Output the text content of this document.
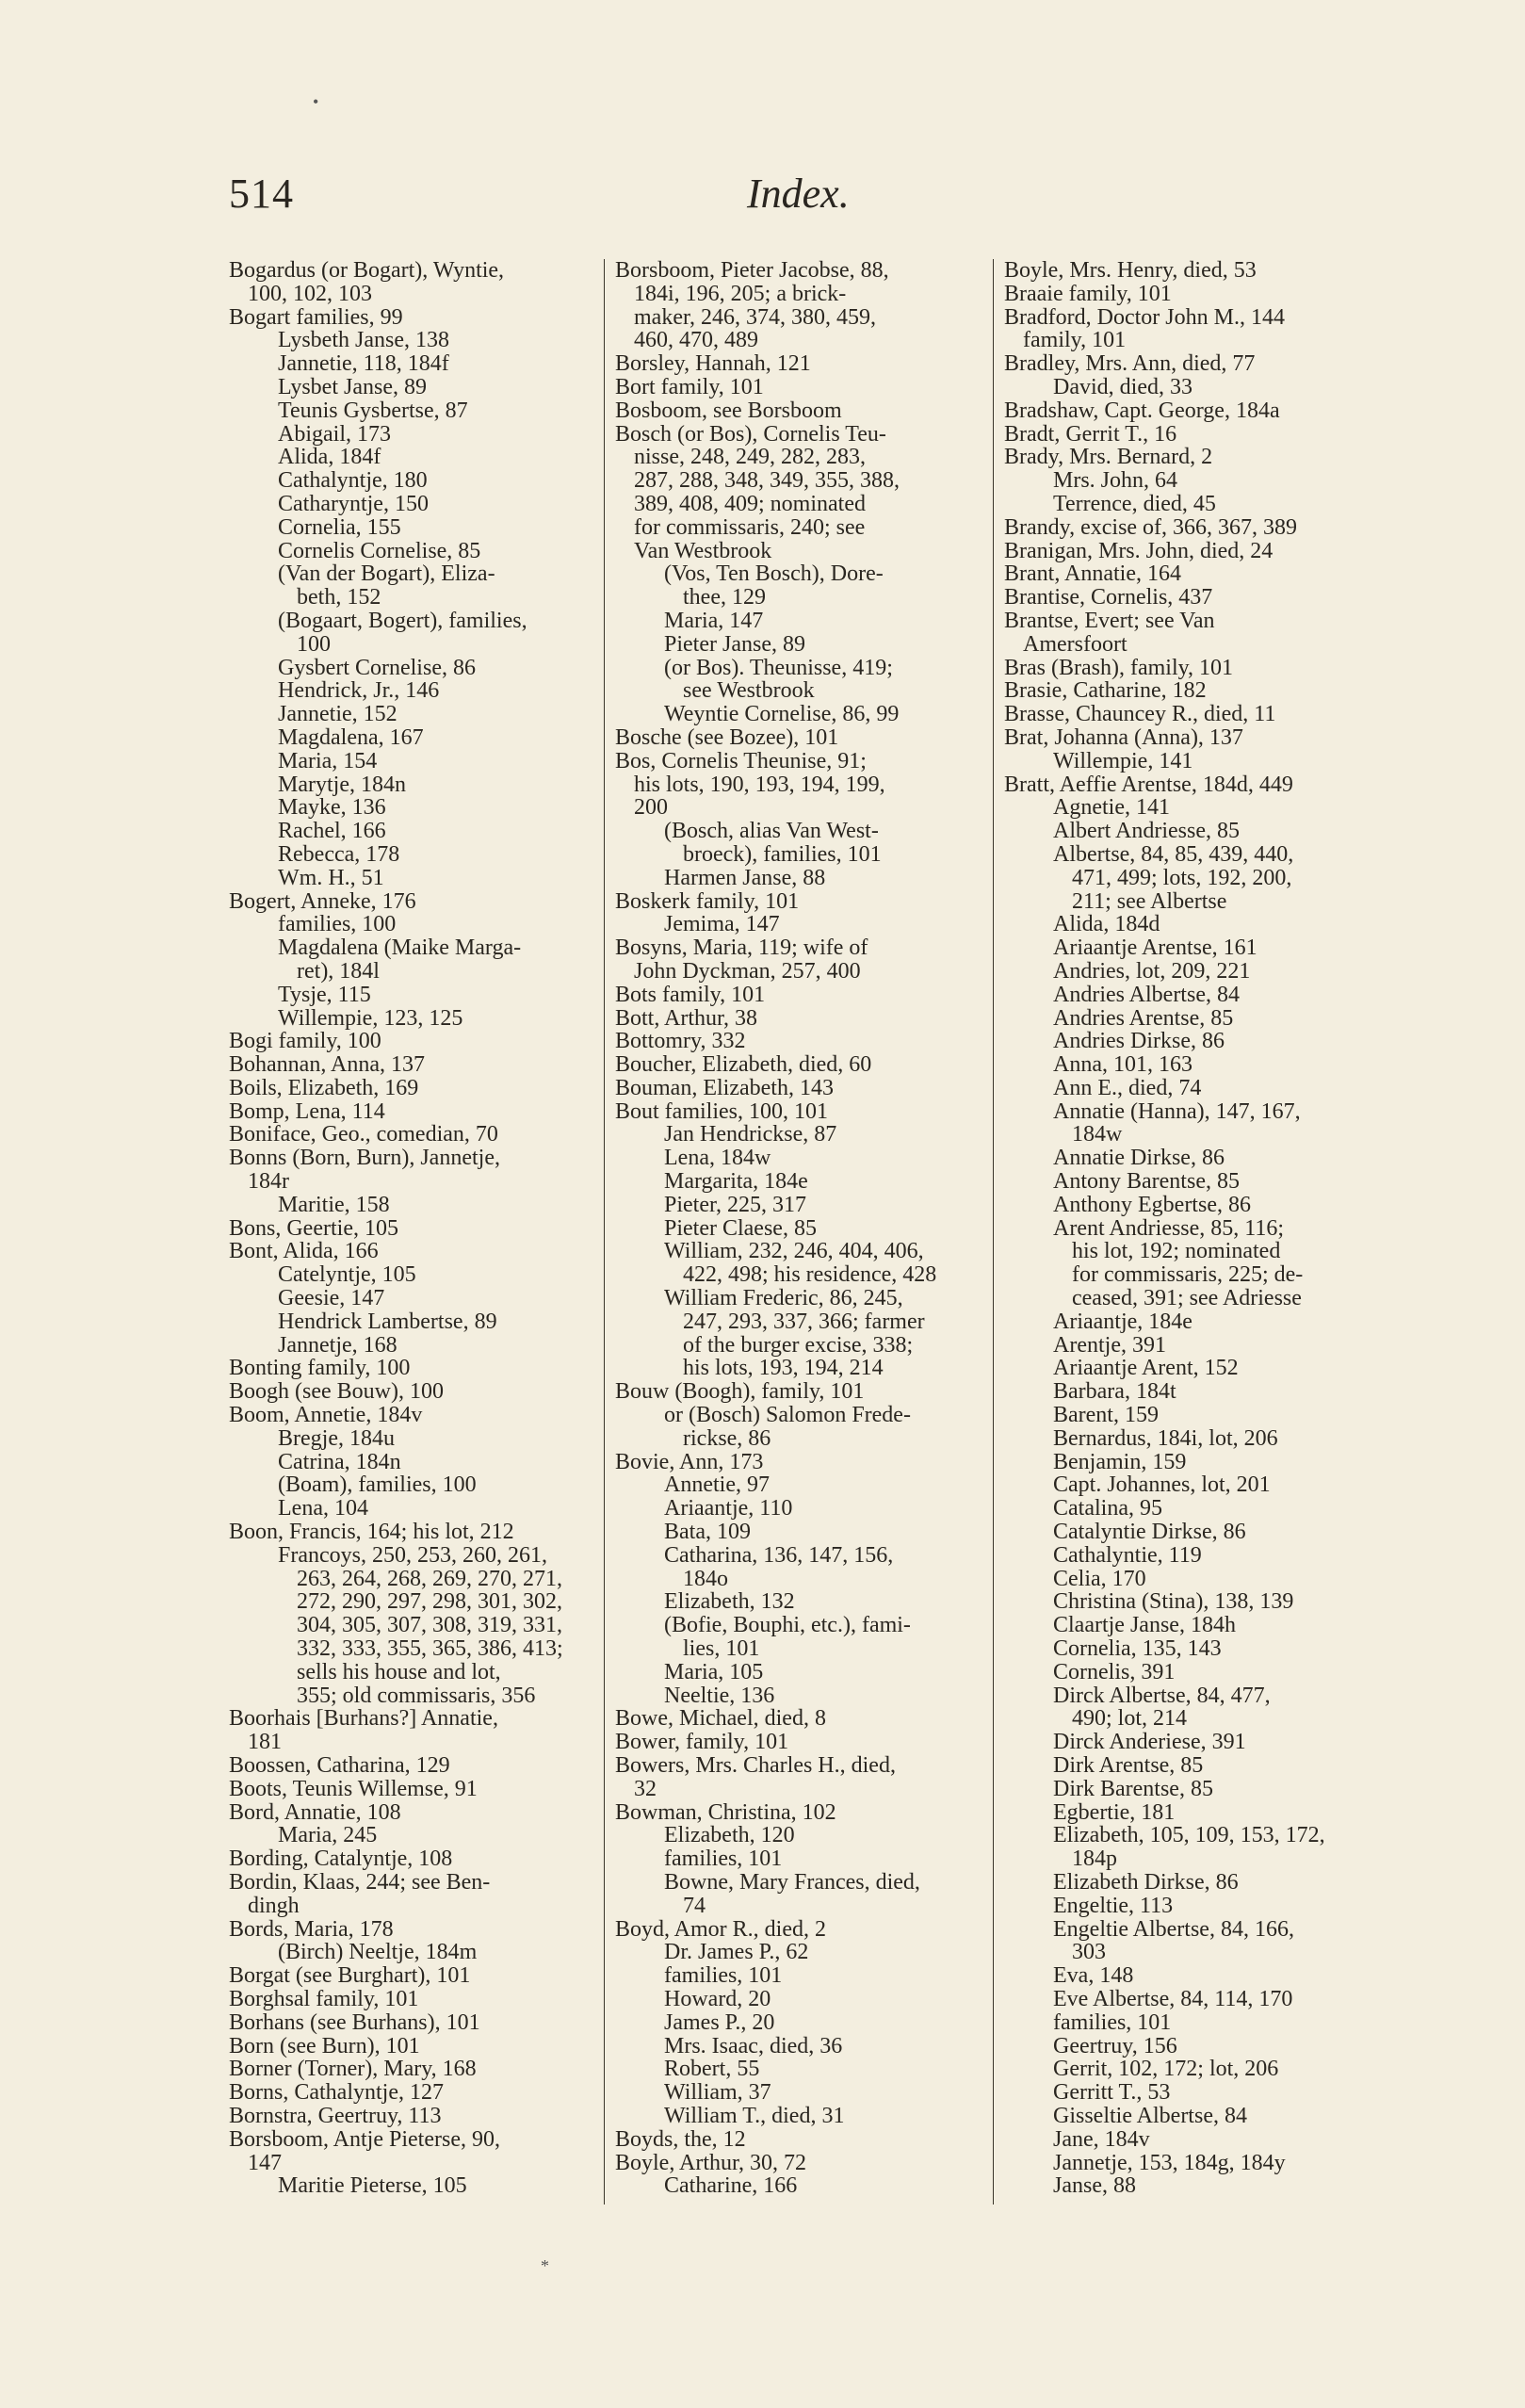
•
514	Index.

Bogardus (or Bogart), Wyntie,
100, 102, 103

Bogart families, 99

Lysbeth Janse, 138

Jannetie, 118, 184f

Lysbet Janse, 89

Teunis Gysbertse, 87

Abigail, 173

Alida, 184f

Cathalyntje, 180

Catharyntje, 150

Cornelia, 155

Cornelis Cornelise, 85

(Van der Bogart), Eliza-
beth, 152

(Bogaart, Bogert), families,
100

Gysbert Cornelise, 86

Hendrick, Jr., 146

Jannetie, 152

Magdalena, 167

Maria, 154

Marytje, 184n

Mayke, 136

Rachel, 166

Rebecca, 178

Wm. H., 51

Bogert, Anneke, 176

families, 100

Magdalena (Maike Marga-
ret), 184l

Tysje, 115

Willempie, 123, 125

Bogi family, 100

Bohannan, Anna, 137

Boils, Elizabeth, 169

Bomp, Lena, 114

Boniface, Geo., comedian, 70

Bonns (Born, Burn), Jannetje,
184r

Maritie, 158

Bons, Geertie, 105

Bont, Alida, 166

Catelyntje, 105

Geesie, 147

Hendrick Lambertse, 89

Jannetje, 168

Bonting family, 100

Boogh (see Bouw), 100

Boom, Annetie, 184v

Bregje, 184u

Catrina, 184n

(Boam), families, 100

Lena, 104

Boon, Francis, 164; his lot, 212

Francoys, 250, 253, 260, 261,
263, 264, 268, 269, 270, 271,
272, 290, 297, 298, 301, 302,
304, 305, 307, 308, 319, 331,
332, 333, 355, 365, 386, 413;
sells his house and lot,
355; old commissaris, 356

Boorhais [Burhans?] Annatie,
181

Boossen, Catharina, 129

Boots, Teunis Willemse, 91

Bord, Annatie, 108

Maria, 245

Bording, Catalyntje, 108

Bordin, Klaas, 244; see Ben-
dingh

Bords, Maria, 178

(Birch) Neeltje, 184m

Borgat (see Burghart), 101

Borghsal family, 101

Borhans (see Burhans), 101

Born (see Burn), 101

Borner (Torner), Mary, 168

Borns, Cathalyntje, 127

Bornstra, Geertruy, 113

Borsboom, Antje Pieterse, 90,
147

Maritie Pieterse, 105

Borsboom, Pieter Jacobse, 88,
184i, 196, 205; a brick-
maker, 246, 374, 380, 459,
460, 470, 489

Borsley, Hannah, 121

Bort family, 101

Bosboom, see Borsboom

Bosch (or Bos), Cornelis Teu-
nisse, 248, 249, 282, 283,
287, 288, 348, 349, 355, 388,
389, 408, 409; nominated
for commissaris, 240; see
Van Westbrook

(Vos, Ten Bosch), Dore-
thee, 129

Maria, 147

Pieter Janse, 89

(or Bos). Theunisse, 419;
see Westbrook

Weyntie Cornelise, 86, 99

Bosche (see Bozee), 101

Bos, Cornelis Theunise, 91;
his lots, 190, 193, 194, 199,
200

(Bosch, alias Van West-
broeck), families, 101

Harmen Janse, 88

Boskerk family, 101

Jemima, 147

Bosyns, Maria, 119; wife of
John Dyckman, 257, 400

Bots family, 101

Bott, Arthur, 38

Bottomry, 332

Boucher, Elizabeth, died, 60

Bouman, Elizabeth, 143

Bout families, 100, 101

Jan Hendrickse, 87

Lena, 184w

Margarita, 184e

Pieter, 225, 317

Pieter Claese, 85

William, 232, 246, 404, 406,
422, 498; his residence, 428

William Frederic, 86, 245,
247, 293, 337, 366; farmer
of the burger excise, 338;
his lots, 193, 194, 214

Bouw (Boogh), family, 101

or (Bosch) Salomon Frede-
rickse, 86

Bovie, Ann, 173

Annetie, 97

Ariaantje, 110

Bata, 109

Catharina, 136, 147, 156,
184o

Elizabeth, 132

(Bofie, Bouphi, etc.), fami-
lies, 101

Maria, 105

Neeltie, 136

Bowe, Michael, died, 8

Bower, family, 101

Bowers, Mrs. Charles H., died,
32

Bowman, Christina, 102

Elizabeth, 120

families, 101

Bowne, Mary Frances, died,
74

Boyd, Amor R., died, 2

Dr. James P., 62

families, 101

Howard, 20

James P., 20

Mrs. Isaac, died, 36

Robert, 55

William, 37

William T., died, 31

Boyds, the, 12

Boyle, Arthur, 30, 72

Catharine, 166

Boyle, Mrs. Henry, died, 53

Braaie family, 101

Bradford, Doctor John M., 144
family, 101

Bradley, Mrs. Ann, died, 77

David, died, 33

Bradshaw, Capt. George, 184a

Bradt, Gerrit T., 16

Brady, Mrs. Bernard, 2

Mrs. John, 64

Terrence, died, 45

Brandy, excise of, 366, 367, 389

Branigan, Mrs. John, died, 24

Brant, Annatie, 164

Brantise, Cornelis, 437

Brantse, Evert; see Van
Amersfoort

Bras (Brash), family, 101

Brasie, Catharine, 182

Brasse, Chauncey R., died, 11

Brat, Johanna (Anna), 137

Willempie, 141

Bratt, Aeffie Arentse, 184d, 449

Agnetie, 141

Albert Andriesse, 85

Albertse, 84, 85, 439, 440,
471, 499; lots, 192, 200,
211; see Albertse

Alida, 184d

Ariaantje Arentse, 161

Andries, lot, 209, 221

Andries Albertse, 84

Andries Arentse, 85

Andries Dirkse, 86

Anna, 101, 163

Ann E., died, 74

Annatie (Hanna), 147, 167,
184w

Annatie Dirkse, 86

Antony Barentse, 85

Anthony Egbertse, 86

Arent Andriesse, 85, 116;
his lot, 192; nominated
for commissaris, 225; de-
ceased, 391; see Adriesse

Ariaantje, 184e

Arentje, 391

Ariaantje Arent, 152

Barbara, 184t

Barent, 159

Bernardus, 184i, lot, 206

Benjamin, 159

Capt. Johannes, lot, 201

Catalina, 95

Catalyntie Dirkse, 86

Cathalyntie, 119

Celia, 170

Christina (Stina), 138, 139

Claartje Janse, 184h

Cornelia, 135, 143

Cornelis, 391

Dirck Albertse, 84, 477,
490; lot, 214

Dirck Anderiese, 391

Dirk Arentse, 85

Dirk Barentse, 85

Egbertie, 181

Elizabeth, 105, 109, 153, 172,
184p

Elizabeth Dirkse, 86

Engeltie, 113

Engeltie Albertse, 84, 166,
303

Eva, 148

Eve Albertse, 84, 114, 170

families, 101

Geertruy, 156

Gerrit, 102, 172; lot, 206

Gerritt T., 53

Gisseltie Albertse, 84

Jane, 184v

Jannetje, 153, 184g, 184y

Janse, 88

*
